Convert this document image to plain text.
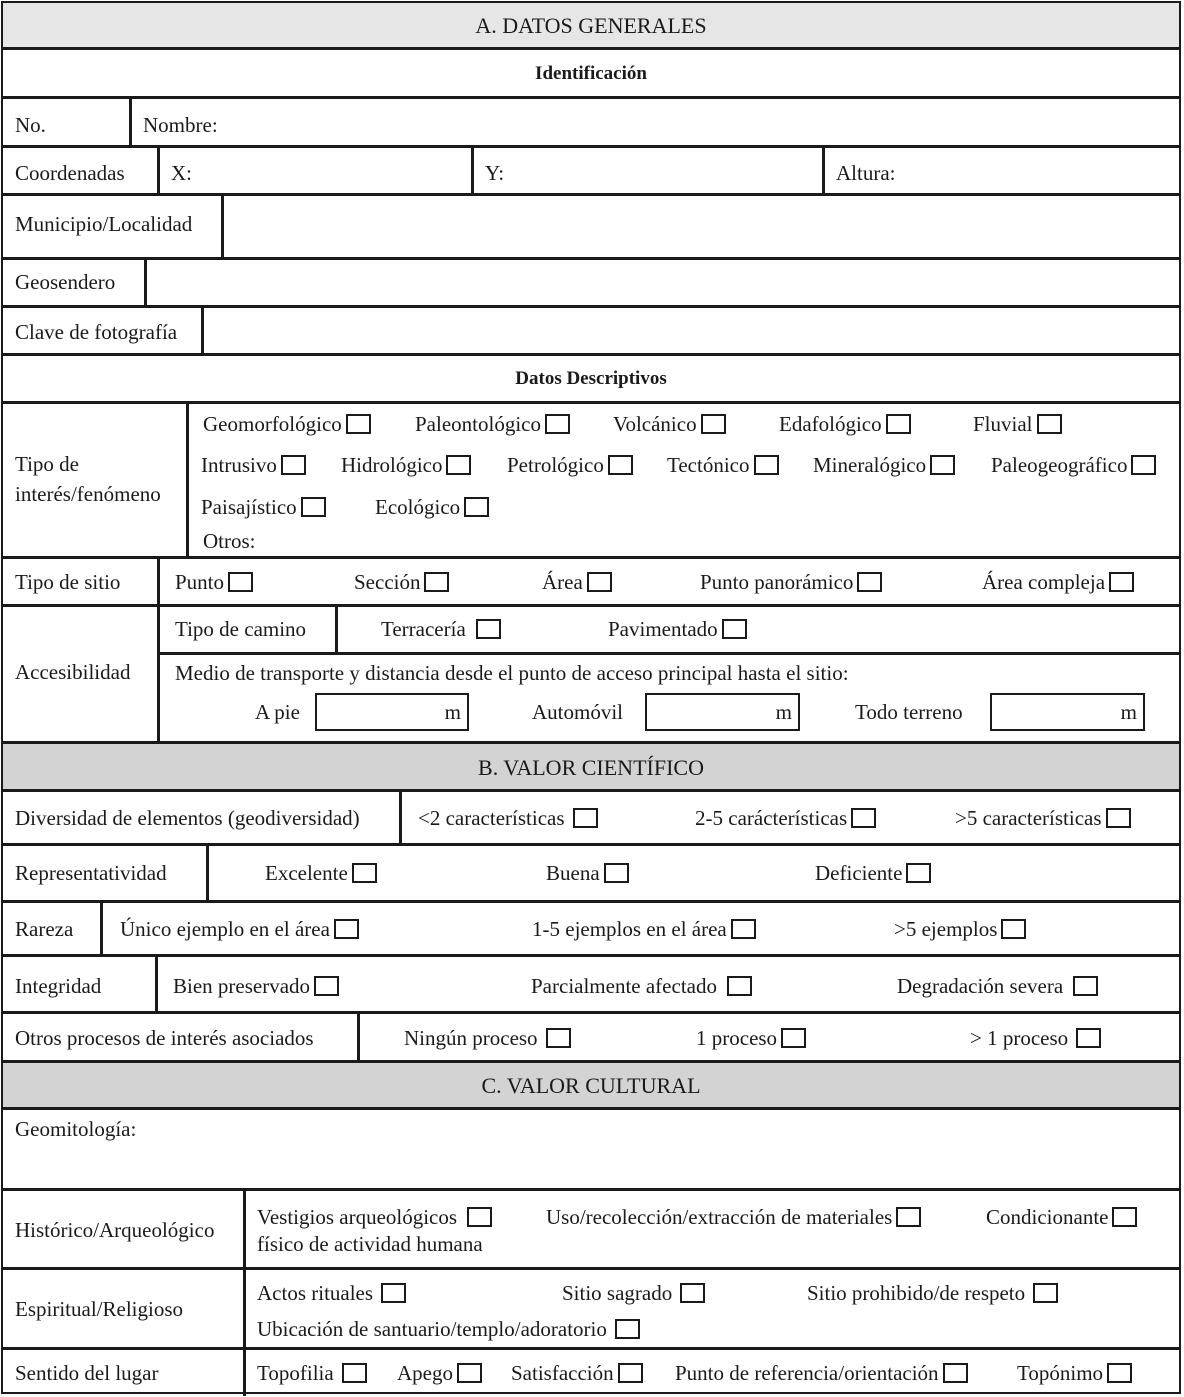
A. DATOS GENERALES
Identificación
No.	Nombre:
Coordenadas X:	Y:	Altura:
Municipio/Localidad
Geosendero
Clave de fotografía
Datos Descriptivos
Tipo de
interés/fenómeno
Geomorfológico	Paleontológico	Volcánico	Edafológico	Fluvial
Intrusivo	Hidrológico	Petrológico	Tectónico	Mineralógico	Paleogeográfico
Paisajístico	Ecológico
Otros:
Tipo de sitio	Punto	Sección	Área	Punto panorámico	Área compleja
Accesibilidad
Tipo de camino	Terracería	Pavimentado
Medio de transporte y distancia desde el punto de acceso principal hasta el sitio:
A pie	m	Automóvil	m	Todo terreno	m
B. VALOR CIENTÍFICO
Diversidad de elementos (geodiversidad)	<2 características	2-5 carácterísticas	>5 características
Representatividad	Excelente	Buena	Deficiente
Rareza Único ejemplo en el área	1-5 ejemplos en el área	>5 ejemplos
Integridad	Bien preservado	Parcialmente afectado	Degradación severa
Otros procesos de interés asociados	Ningún proceso	1 proceso	> 1 proceso
C. VALOR CULTURAL
Geomitología:
Histórico/Arqueológico
Vestigios arqueológicos	Uso/recolección/extracción de materiales	Condicionante
físico de actividad humana
Espiritual/Religioso
Actos rituales	Sitio sagrado	Sitio prohibido/de respeto
Ubicación de santuario/templo/adoratorio
Sentido del lugar	Topofilia	Apego	Satisfacción	Punto de referencia/orientación	Topónimo
